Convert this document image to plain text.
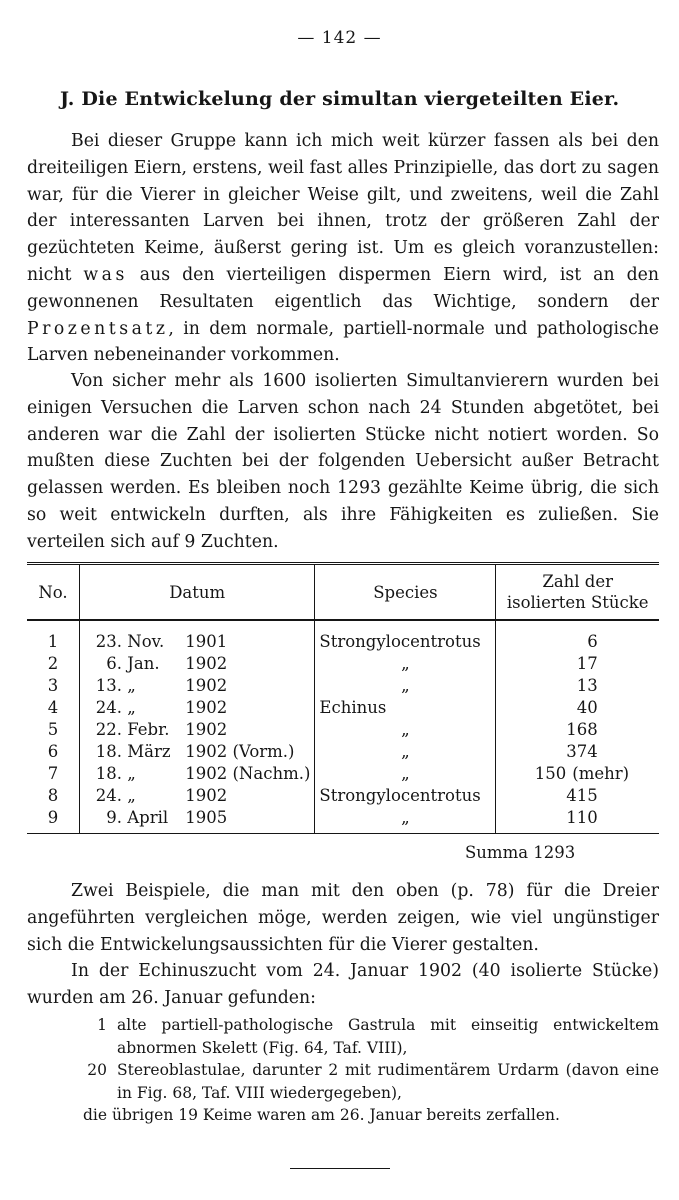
— 142 —
J. Die Entwickelung der simultan viergeteilten Eier.

Bei dieser Gruppe kann ich mich weit kürzer fassen als bei den dreiteiligen Eiern, erstens, weil fast alles Prinzipielle, das dort zu sagen war, für die Vierer in gleicher Weise gilt, und zweitens, weil die Zahl der interessanten Larven bei ihnen, trotz der größeren Zahl der gezüchteten Keime, äußerst gering ist. Um es gleich voranzustellen: nicht was aus den vierteiligen dispermen Eiern wird, ist an den gewonnenen Resultaten eigentlich das Wichtige, sondern der Prozentsatz, in dem normale, partiell-normale und pathologische Larven nebeneinander vorkommen.

Von sicher mehr als 1600 isolierten Simultanvierern wurden bei einigen Versuchen die Larven schon nach 24 Stunden abgetötet, bei anderen war die Zahl der isolierten Stücke nicht notiert worden. So mußten diese Zuchten bei der folgenden Uebersicht außer Betracht gelassen werden. Es bleiben noch 1293 gezählte Keime übrig, die sich so weit entwickeln durften, als ihre Fähigkeiten es zuließen. Sie verteilen sich auf 9 Zuchten.

No.	Datum	Species	Zahl der
isolierten Stücke
1	23. Nov. 1901	Strongylocentrotus	6
2	6. Jan. 1902	„	17
3	13. „ 1902	„	13
4	24. „ 1902	Echinus	40
5	22. Febr. 1902	„	168
6	18. März 1902 (Vorm.)	„	374
7	18. „ 1902 (Nachm.)	„	150 (mehr)
8	24. „ 1902	Strongylocentrotus	415
9	9. April 1905	„	110
Summa 1293

Zwei Beispiele, die man mit den oben (p. 78) für die Dreier angeführten vergleichen möge, werden zeigen, wie viel ungünstiger sich die Entwickelungsaussichten für die Vierer gestalten.

In der Echinuszucht vom 24. Januar 1902 (40 isolierte Stücke) wurden am 26. Januar gefunden:

1 alte partiell-pathologische Gastrula mit einseitig entwickeltem abnormen Skelett (Fig. 64, Taf. VIII),
20 Stereoblastulae, darunter 2 mit rudimentärem Urdarm (davon eine in Fig. 68, Taf. VIII wiedergegeben),
die übrigen 19 Keime waren am 26. Januar bereits zerfallen.
